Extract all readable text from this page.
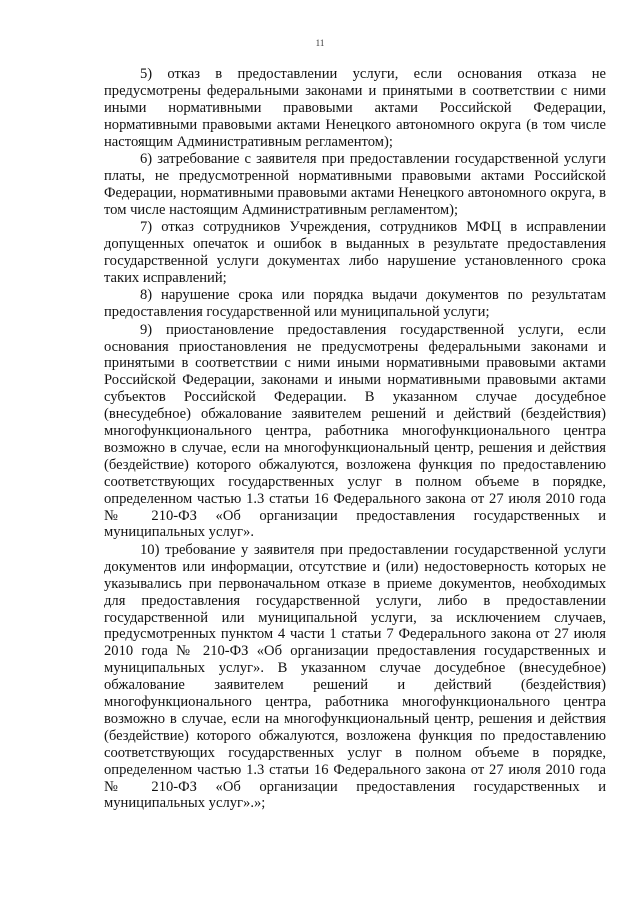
11

5) отказ в предоставлении услуги, если основания отказа не предусмотрены федеральными законами и принятыми в соответствии с ними иными нормативными правовыми актами Российской Федерации, нормативными правовыми актами Ненецкого автономного округа (в том числе настоящим Административным регламентом);

6) затребование с заявителя при предоставлении государственной услуги платы, не предусмотренной нормативными правовыми актами Российской Федерации, нормативными правовыми актами Ненецкого автономного округа, в том числе настоящим Административным регламентом);

7) отказ сотрудников Учреждения, сотрудников МФЦ в исправлении допущенных опечаток и ошибок в выданных в результате предоставления государственной услуги документах либо нарушение установленного срока таких исправлений;

8) нарушение срока или порядка выдачи документов по результатам предоставления государственной или муниципальной услуги;

9) приостановление предоставления государственной услуги, если основания приостановления не предусмотрены федеральными законами и принятыми в соответствии с ними иными нормативными правовыми актами Российской Федерации, законами и иными нормативными правовыми актами субъектов Российской Федерации. В указанном случае досудебное (внесудебное) обжалование заявителем решений и действий (бездействия) многофункционального центра, работника многофункционального центра возможно в случае, если на многофункциональный центр, решения и действия (бездействие) которого обжалуются, возложена функция по предоставлению соответствующих государственных услуг в полном объеме в порядке, определенном частью 1.3 статьи 16 Федерального закона от 27 июля 2010 года № 210-ФЗ «Об организации предоставления государственных и муниципальных услуг».

10) требование у заявителя при предоставлении государственной услуги документов или информации, отсутствие и (или) недостоверность которых не указывались при первоначальном отказе в приеме документов, необходимых для предоставления государственной услуги, либо в предоставлении государственной или муниципальной услуги, за исключением случаев, предусмотренных пунктом 4 части 1 статьи 7 Федерального закона от 27 июля 2010 года № 210-ФЗ «Об организации предоставления государственных и муниципальных услуг». В указанном случае досудебное (внесудебное) обжалование заявителем решений и действий (бездействия) многофункционального центра, работника многофункционального центра возможно в случае, если на многофункциональный центр, решения и действия (бездействие) которого обжалуются, возложена функция по предоставлению соответствующих государственных услуг в полном объеме в порядке, определенном частью 1.3 статьи 16 Федерального закона от 27 июля 2010 года № 210-ФЗ «Об организации предоставления государственных и муниципальных услуг».»;
